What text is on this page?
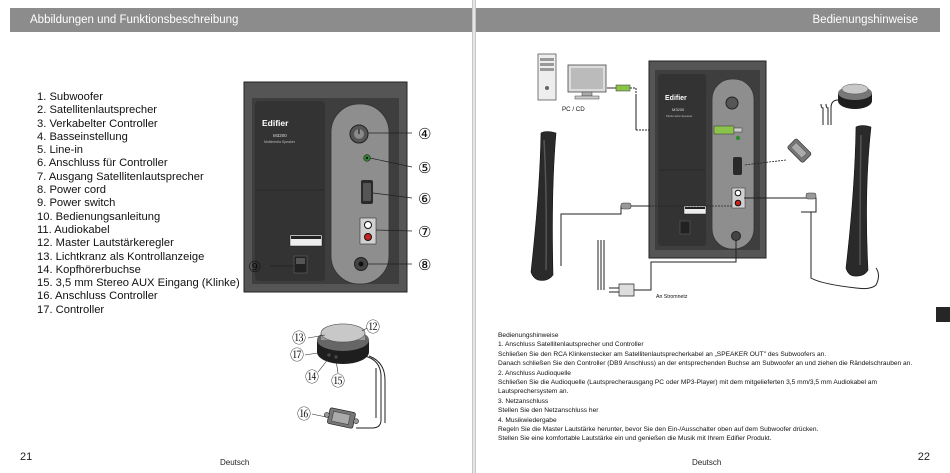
Abbildungen und Funktionsbeschreibung
1. Subwoofer
2. Satellitenlautsprecher
3. Verkabelter Controller
4. Basseinstellung
5. Line-in
6. Anschluss für Controller
7. Ausgang Satellitenlautsprecher
8. Power cord
9. Power switch
10. Bedienungsanleitung
11. Audiokabel
12. Master Lautstärkeregler
13. Lichtkranz als Kontrollanzeige
14. Kopfhörerbuchse
15. 3,5 mm Stereo AUX Eingang (Klinke)
16. Anschluss Controller
17. Controller
Edifier
M3200
Multimedia Speaker	④
⑤
⑥
⑦
⑧
⑨
⑬
⑫
⑰
⑭ ⑮
⑯
21	Deutsch
Bedienungshinweise
PC / CD
Edifier
M3200
Multimedia Speaker
An Stromnetz
Bedienungshinweise
1. Anschluss Satellitenlautsprecher und Controller
Schließen Sie den RCA Klinkenstecker am Satellitenlautsprecherkabel an „SPEAKER OUT" des Subwoofers an.
Danach schließen Sie den Controller (DB9 Anschluss) an der entsprechenden Buchse am Subwoofer an und ziehen die Rändelschrauben an.
2. Anschluss Audioquelle
Schließen Sie die Audioquelle (Lautsprecherausgang PC oder MP3-Player) mit dem mitgelieferten 3,5 mm/3,5 mm Audiokabel am
Lautsprechersystem an.
3. Netzanschluss
Stellen Sie den Netzanschluss her
4. Musikwiedergabe
Regeln Sie die Master Lautstärke herunter, bevor Sie den Ein-/Ausschalter oben auf dem Subwoofer drücken.
Stellen Sie eine komfortable Lautstärke ein und genießen die Musik mit Ihrem Edifier Produkt.
22
Deutsch
